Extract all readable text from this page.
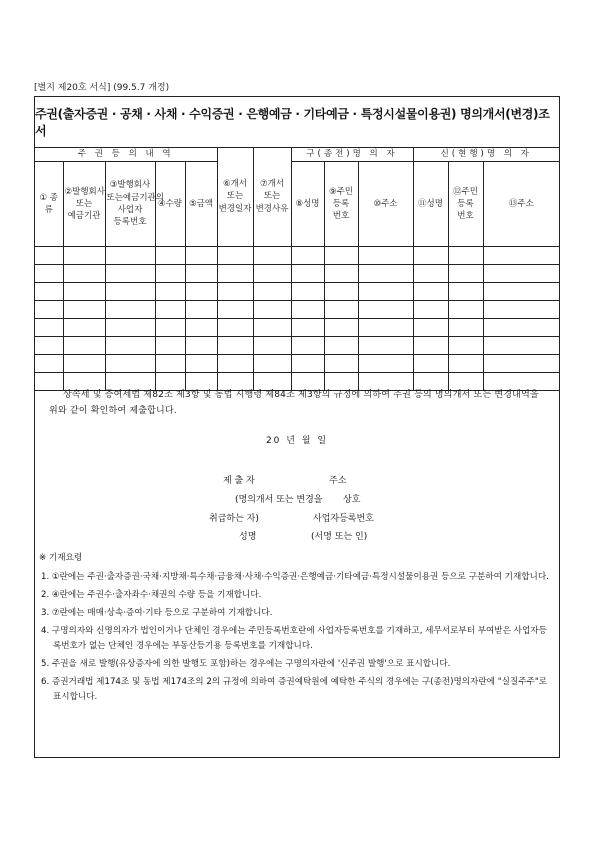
[별지 제20호 서식] (99.5.7 개정)
주권(출자증권 · 공채 · 사채 · 수익증권 · 은행예금 · 기타예금 · 특정시설물이용권) 명의개서(변경)조서
주 권 등 의 내 역					⑥개서 또는 변경일자	⑦개서 또는 변경사유	구(종전)명 의 자			신(현행)명 의 자		
① 종 류	②발행회사 또는 예금기관	③발행회사 또는예금기관의 사업자 등록번호	④수량	⑤금액			⑧성명	⑨주민 등록 번호	⑩주소	⑪성명	⑫주민 등록 번호	⑬주소

상속세 및 증여세법 제82조 제3항 및 동법 시행령 제84조 제3항의 규정에 의하여 주권 등의 명의개서 또는 변경내역을 위와 같이 확인하여 제출합니다.

20 년 월 일
제 출 자	주소
(명의개서 또는 변경을 상호
취급하는 자)	사업자등록번호
성명	(서명 또는 인)

※ 기재요령

1. ①란에는 주권·출자증권·국채·지방채·특수채·금융채·사채·수익증권·은행예금·기타예금·특정시설물이용권 등으로 구분하여 기재합니다.

2. ④란에는 주권수·출자좌수·채권의 수량 등을 기재합니다.

3. ⑦란에는 매매·상속·증여·기타 등으로 구분하여 기재합니다.

4. 구명의자와 신명의자가 법인이거나 단체인 경우에는 주민등록번호란에 사업자등록번호를 기재하고, 세무서로부터 부여받은 사업자등록번호가 없는 단체인 경우에는 부동산등기용 등록번호를 기재합니다.

5. 주권을 새로 발행(유상증자에 의한 발행도 포함)하는 경우에는 구명의자란에 '신주권 발행'으로 표시합니다.

6. 증권거래법 제174조 및 동법 제174조의 2의 규정에 의하여 증권예탁원에 예탁한 주식의 경우에는 구(종전)명의자란에 "실질주주"로 표시합니다.
